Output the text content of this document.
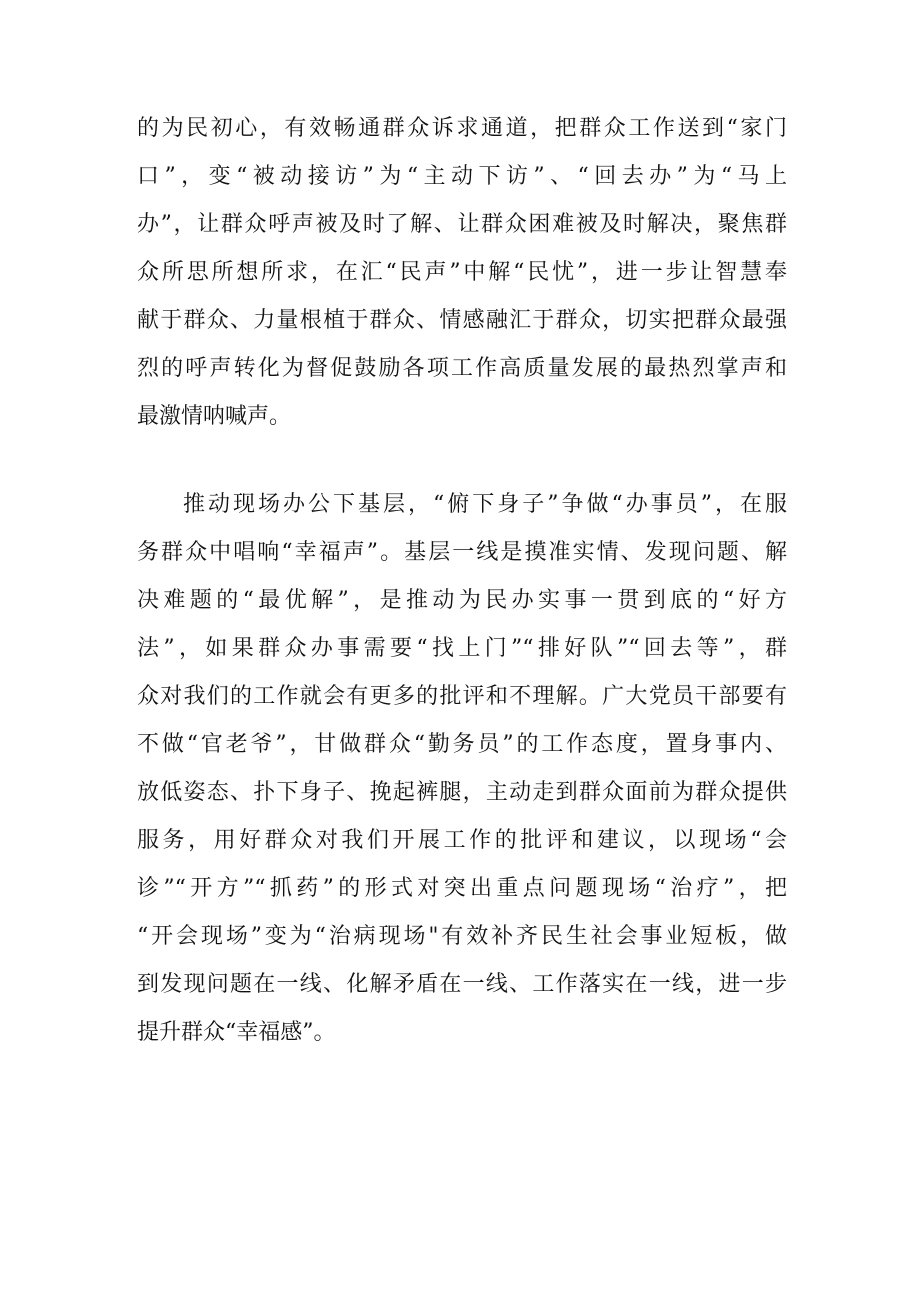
的为民初心，有效畅通群众诉求通道，把群众工作送到“家门
口”，变“被动接访”为“主动下访”、“回去办”为“马上
办”，让群众呼声被及时了解、让群众困难被及时解决，聚焦群
众所思所想所求，在汇“民声”中解“民忧”，进一步让智慧奉
献于群众、力量根植于群众、情感融汇于群众，切实把群众最强
烈的呼声转化为督促鼓励各项工作高质量发展的最热烈掌声和
最激情呐喊声。
推动现场办公下基层，“俯下身子”争做“办事员”，在服
务群众中唱响“幸福声”。基层一线是摸准实情、发现问题、解
决难题的“最优解”，是推动为民办实事一贯到底的“好方
法”，如果群众办事需要“找上门”“排好队”“回去等”，群
众对我们的工作就会有更多的批评和不理解。广大党员干部要有
不做“官老爷”，甘做群众“勤务员”的工作态度，置身事内、
放低姿态、扑下身子、挽起裤腿，主动走到群众面前为群众提供
服务，用好群众对我们开展工作的批评和建议，以现场“会
诊”“开方”“抓药”的形式对突出重点问题现场“治疗”，把
“开会现场”变为“治病现场"有效补齐民生社会事业短板，做
到发现问题在一线、化解矛盾在一线、工作落实在一线，进一步
提升群众“幸福感”。
